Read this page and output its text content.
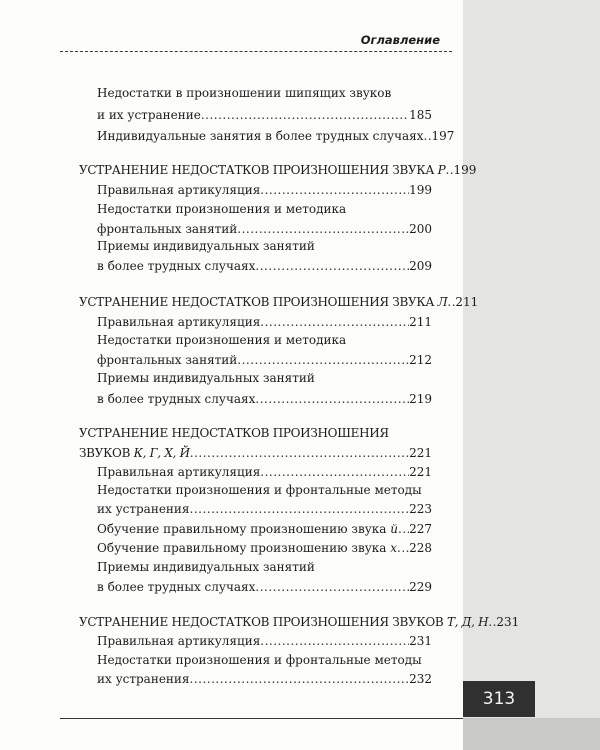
313
Оглавление
Недостатки в произношении шипящих звуков
и их устранение .....	185
Индивидуальные занятия в более трудных случаях ..... 197
УСТРАНЕНИЕ НЕДОСТАТКОВ ПРОИЗНОШЕНИЯ ЗВУКА Р ..... 199
Правильная артикуляция .....	199
Недостатки произношения и методика
фронтальных занятий .....	200
Приемы индивидуальных занятий
в более трудных случаях .....	209
УСТРАНЕНИЕ НЕДОСТАТКОВ ПРОИЗНОШЕНИЯ ЗВУКА Л ..... 211
Правильная артикуляция .....	211
Недостатки произношения и методика
фронтальных занятий .....	212
Приемы индивидуальных занятий
в более трудных случаях .....	219
УСТРАНЕНИЕ НЕДОСТАТКОВ ПРОИЗНОШЕНИЯ
ЗВУКОВ К, Г, Х, Й .....	221
Правильная артикуляция .....	221
Недостатки произношения и фронтальные методы
их устранения .....	223
Обучение правильному произношению звука й ..... 227
Обучение правильному произношению звука х ..... 228
Приемы индивидуальных занятий
в более трудных случаях .....	229
УСТРАНЕНИЕ НЕДОСТАТКОВ ПРОИЗНОШЕНИЯ ЗВУКОВ Т, Д, Н ..... 231
Правильная артикуляция .....	231
Недостатки произношения и фронтальные методы
их устранения .....	232
